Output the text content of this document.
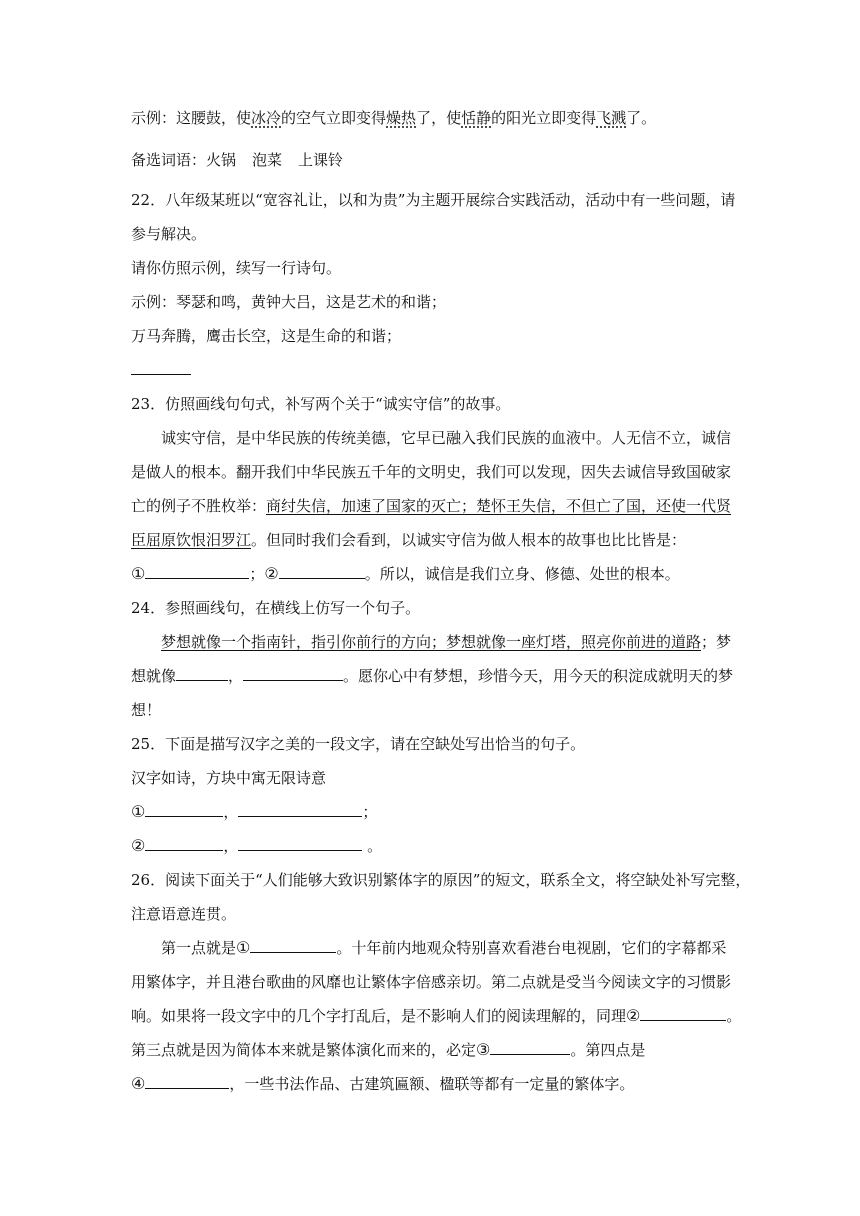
示例：这腰鼓，使冰冷的空气立即变得燥热了，使恬静的阳光立即变得飞溅了。
备选词语：火锅 泡菜 上课铃
22．八年级某班以“宽容礼让，以和为贵”为主题开展综合实践活动，活动中有一些问题，请
参与解决。
请你仿照示例，续写一行诗句。
示例：琴瑟和鸣，黄钟大吕，这是艺术的和谐；
万马奔腾，鹰击长空，这是生命的和谐；
23．仿照画线句句式，补写两个关于“诚实守信”的故事。
诚实守信，是中华民族的传统美德，它早已融入我们民族的血液中。人无信不立，诚信
是做人的根本。翻开我们中华民族五千年的文明史，我们可以发现，因失去诚信导致国破家
亡的例子不胜枚举：商纣失信，加速了国家的灭亡；楚怀王失信，不但亡了国，还使一代贤
臣屈原饮恨汨罗江。但同时我们会看到，以诚实守信为做人根本的故事也比比皆是：
①	；②	。所以，诚信是我们立身、修德、处世的根本。
24．参照画线句，在横线上仿写一个句子。
梦想就像一个指南针，指引你前行的方向；梦想就像一座灯塔，照亮你前进的道路；梦
想就像	，	。愿你心中有梦想，珍惜今天，用今天的积淀成就明天的梦
想！
25．下面是描写汉字之美的一段文字，请在空缺处写出恰当的句子。
汉字如诗，方块中寓无限诗意
①	，	；
②	，	。
26．阅读下面关于“人们能够大致识别繁体字的原因”的短文，联系全文，将空缺处补写完整，
注意语意连贯。
第一点就是①	。十年前内地观众特别喜欢看港台电视剧，它们的字幕都采
用繁体字，并且港台歌曲的风靡也让繁体字倍感亲切。第二点就是受当今阅读文字的习惯影
响。如果将一段文字中的几个字打乱后，是不影响人们的阅读理解的，同理②	。
第三点就是因为简体本来就是繁体演化而来的，必定③	。第四点是
④	，一些书法作品、古建筑匾额、楹联等都有一定量的繁体字。
